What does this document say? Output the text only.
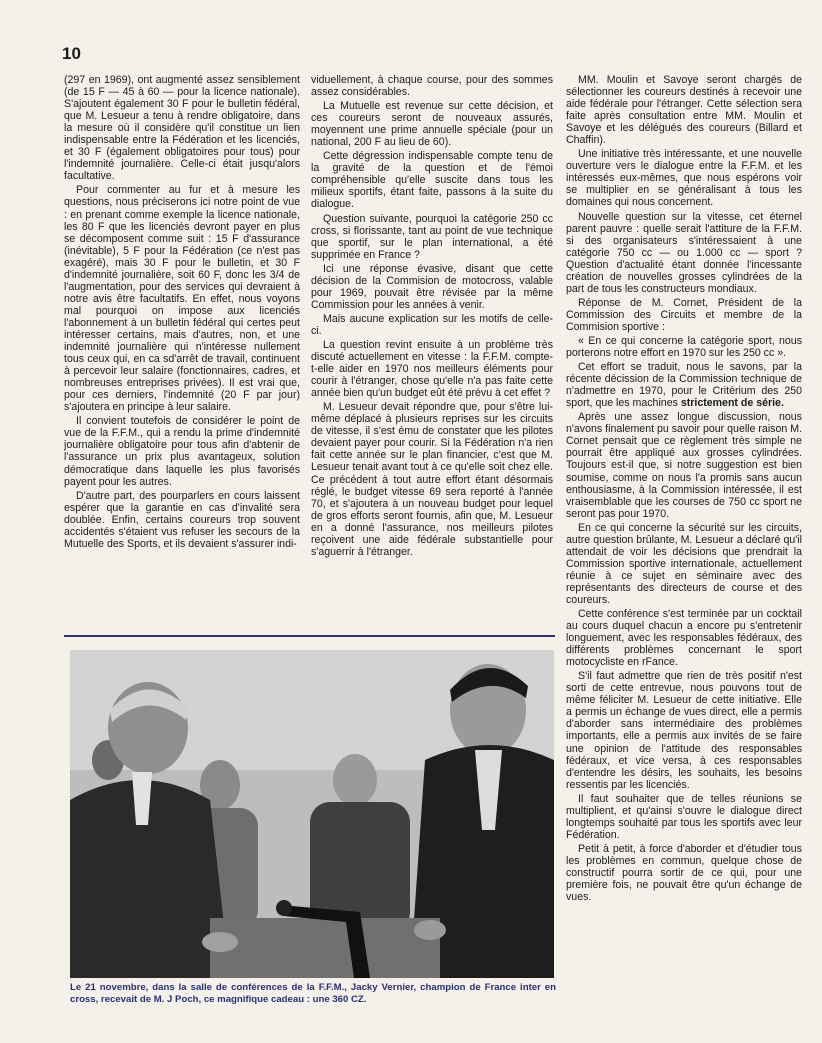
10

(297 en 1969), ont augmenté assez sensiblement (de 15 F — 45 à 60 — pour la licence nationale). S'ajoutent également 30 F pour le bulletin fédéral, que M. Lesueur a tenu à rendre obligatoire, dans la mesure où il considère qu'il constitue un lien indispensable entre la Fédération et les licenciés, et 30 F (également obligatoires pour tous) pour l'indemnité journalière. Celle-ci était jusqu'alors facultative.

Pour commenter au fur et à mesure les questions, nous préciserons ici notre point de vue : en prenant comme exemple la licence nationale, les 80 F que les licenciés devront payer en plus se décomposent comme suit : 15 F d'assurance (inévitable), 5 F pour la Fédération (ce n'est pas exagéré), mais 30 F pour le bulletin, et 30 F d'indemnité journalière, soit 60 F, donc les 3/4 de l'augmentation, pour des services qui devraient à notre avis être facultatifs. En effet, nous voyons mal pourquoi on impose aux licenciés l'abonnement à un bulletin fédéral qui certes peut intéresser certains, mais d'autres, non, et une indemnité journalière qui n'intéresse nullement tous ceux qui, en ca sd'arrêt de travail, continuent à percevoir leur salaire (fonctionnaires, cadres, et nombreuses entreprises privées). Il est vrai que, pour ces derniers, l'indemnité (20 F par jour) s'ajoutera en principe à leur salaire.

Il convient toutefois de considérer le point de vue de la F.F.M., qui a rendu la prime d'indemnité journalière obligatoire pour tous afin d'abtenir de l'assurance un prix plus avantageux, solution démocratique dans laquelle les plus favorisés payent pour les autres.

D'autre part, des pourparlers en cours laissent espérer que la garantie en cas d'invalité sera doublée. Enfin, certains coureurs trop souvent accidentés s'étaient vus refuser les secours de la Mutuelle des Sports, et ils devaient s'assurer indi-

viduellement, à chaque course, pour des sommes assez considérables.

La Mutuelle est revenue sur cette décision, et ces coureurs seront de nouveaux assurés, moyennent une prime annuelle spéciale (pour un national, 200 F au lieu de 60).

Cette dégression indispensable compte tenu de la gravité de la question et de l'émoi compréhensible qu'elle suscite dans tous les milieux sportifs, étant faite, passons à la suite du dialogue.

Question suivante, pourquoi la catégorie 250 cc cross, si florissante, tant au point de vue technique que sportif, sur le plan international, a été supprimée en France ?

Ici une réponse évasive, disant que cette décision de la Commision de motocross, valable pour 1969, pouvait être révisée par la même Commission pour les années à venir.

Mais aucune explication sur les motifs de celle-ci.

La question revint ensuite à un problème très discuté actuellement en vitesse : la F.F.M. compte-t-elle aider en 1970 nos meilleurs éléments pour courir à l'étranger, chose qu'elle n'a pas faite cette année bien qu'un budget eût été prévu à cet effet ?

M. Lesueur devait répondre que, pour s'être lui-même déplacé à plusieurs reprises sur les circuits de vitesse, il s'est ému de constater que les pilotes devaient payer pour courir. Si la Fédération n'a rien fait cette année sur le plan financier, c'est que M. Lesueur tenait avant tout à ce qu'elle soit chez elle. Ce précédent à tout autre effort étant désormais réglé, le budget vitesse 69 sera reporté à l'année 70, et s'ajoutera à un nouveau budget pour lequel de gros efforts seront fournis, afin que, M. Lesueur en a donné l'assurance, nos meilleurs pilotes reçoivent une aide fédérale substantielle pour s'aguerrir à l'étranger.

MM. Moulin et Savoye seront chargés de sélectionner les coureurs destinés à recevoir une aide fédérale pour l'étranger. Cette sélection sera faite après consultation entre MM. Moulin et Savoye et les délégués des coureurs (Billard et Chaffin).

Une initiative très intéressante, et une nouvelle ouverture vers le dialogue entre la F.F.M. et les intéressés eux-mêmes, que nous espérons voir se multiplier en se généralisant à tous les domaines qui nous concernent.

Nouvelle question sur la vitesse, cet éternel parent pauvre : quelle serait l'attiture de la F.F.M. si des organisateurs s'intéressaient à une catégorie 750 cc — ou 1.000 cc — sport ? Question d'actualité étant donnée l'incessante création de nouvelles grosses cylindrées de la part de tous les constructeurs mondiaux.

Réponse de M. Cornet, Président de la Commission des Circuits et membre de la Commision sportive :

« En ce qui concerne la catégorie sport, nous porterons notre effort en 1970 sur les 250 cc ».

Cet effort se traduit, nous le savons, par la récente décission de la Commission technique de n'admettre en 1970, pour le Critérium des 250 sport, que les machines strictement de série.

Après une assez longue discussion, nous n'avons finalement pu savoir pour quelle raison M. Cornet pensait que ce règlement très simple ne pourrait être appliqué aux grosses cylindrées. Toujours est-il que, si notre suggestion est bien soumise, comme on nous l'a promis sans aucun enthousiasme, à la Commission intéressée, il est vraisemblable que les courses de 750 cc sport ne seront pas pour 1970.

En ce qui concerne la sécurité sur les circuits, autre question brûlante, M. Lesueur a déclaré qu'il attendait de voir les décisions que prendrait la Commission sportive internationale, actuellement réunie à ce sujet en séminaire avec des représentants des directeurs de course et des coureurs.

Cette conférence s'est terminée par un cocktail au cours duquel chacun a encore pu s'entretenir longuement, avec les responsables fédéraux, des différents problèmes concernant le sport motocycliste en rFance.

S'il faut admettre que rien de très positif n'est sorti de cette entrevue, nous pouvons tout de même féliciter M. Lesueur de cette initiative. Elle a permis un échange de vues direct, elle a permis d'aborder sans intermédiaire des problèmes importants, elle a permis aux invités de se faire une opinion de l'attitude des responsables fédéraux, et vice versa, à ces responsables d'entendre les désirs, les souhaits, les besoins ressentis par les licenciés.

Il faut souhaiter que de telles réunions se multiplient, et qu'ainsi s'ouvre le dialogue direct longtemps souhaité par tous les sportifs avec leur Fédération.

Petit à petit, à force d'aborder et d'étudier tous les problèmes en commun, quelque chose de constructif pourra sortir de ce qui, pour une première fois, ne pouvait être qu'un échange de vues.

Le 21 novembre, dans la salle de conférences de la F.F.M., Jacky Vernier, champion de France inter en cross, recevait de M. J Poch, ce magnifique cadeau : une 360 CZ.
